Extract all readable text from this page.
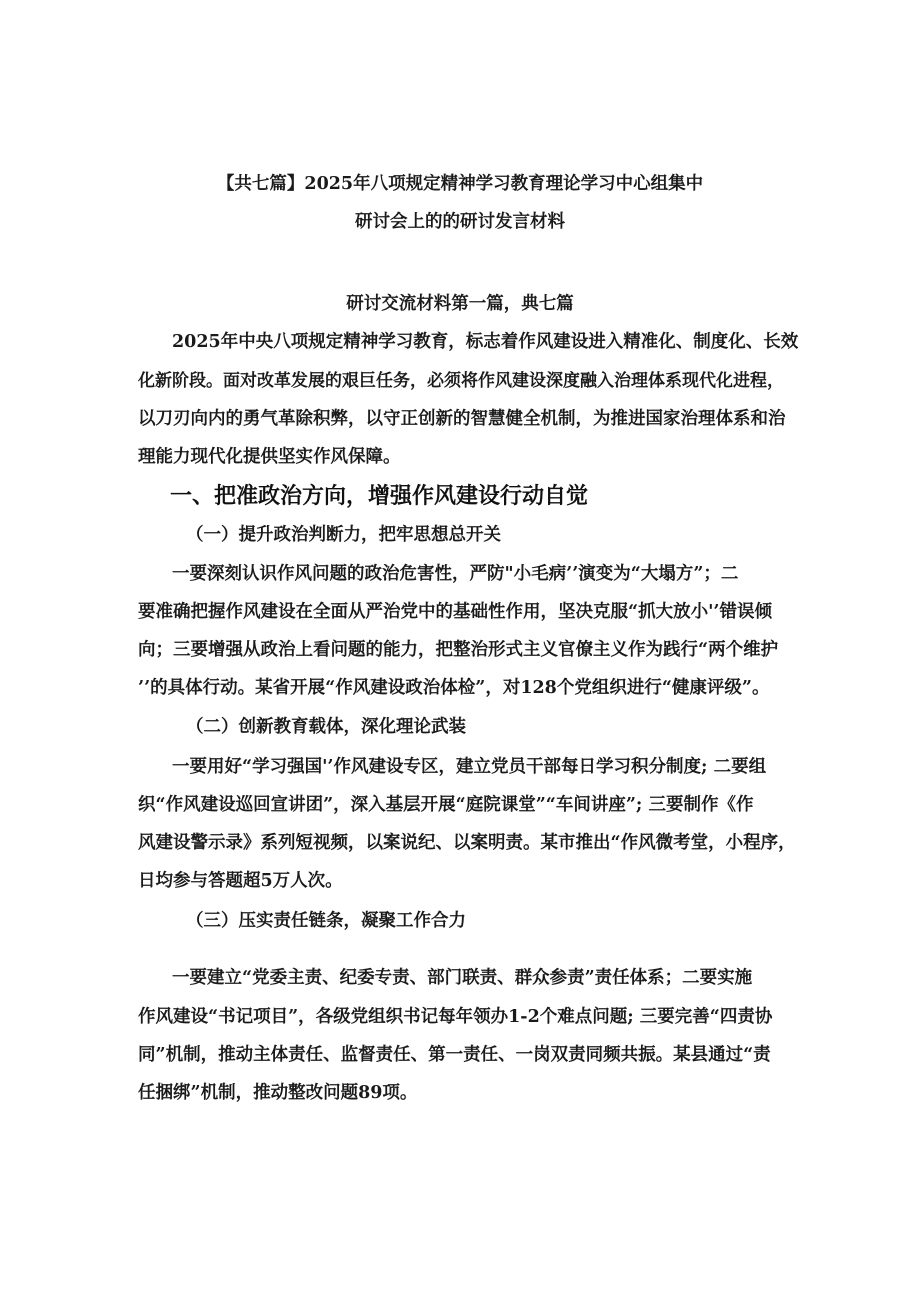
【共七篇】2025年八项规定精神学习教育理论学习中心组集中
研讨会上的的研讨发言材料
研讨交流材料第一篇，典七篇
2025年中央八项规定精神学习教育，标志着作风建设进入精准化、制度化、长效
化新阶段。面对改革发展的艰巨任务，必须将作风建设深度融入治理体系现代化进程，
以刀刃向内的勇气革除积弊，以守正创新的智慧健全机制，为推进国家治理体系和治
理能力现代化提供坚实作风保障。
一、把准政治方向，增强作风建设行动自觉
（一）提升政治判断力，把牢思想总开关
一要深刻认识作风问题的政治危害性，严防"小毛病’’演变为“大塌方”；二
要准确把握作风建设在全面从严治党中的基础性作用，坚决克服“抓大放小'’错误倾
向；三要增强从政治上看问题的能力，把整治形式主义官僚主义作为践行“两个维护
’’的具体行动。某省开展“作风建设政治体检”，对128个党组织进行“健康评级”。
（二）创新教育载体，深化理论武装
一要用好“学习强国'’作风建设专区，建立党员干部每日学习积分制度; 二要组
织“作风建设巡回宣讲团”，深入基层开展“庭院课堂”“车间讲座”; 三要制作《作
风建设警示录》系列短视频，以案说纪、以案明责。某市推出“作风微考堂，小程序，
日均参与答题超5万人次。
（三）压实责任链条，凝聚工作合力
一要建立“党委主责、纪委专责、部门联责、群众参责”责任体系；二要实施
作风建设“书记项目”，各级党组织书记每年领办1-2个难点问题; 三要完善“四责协
同”机制，推动主体责任、监督责任、第一责任、一岗双责同频共振。某县通过“责
任捆绑”机制，推动整改问题89项。
